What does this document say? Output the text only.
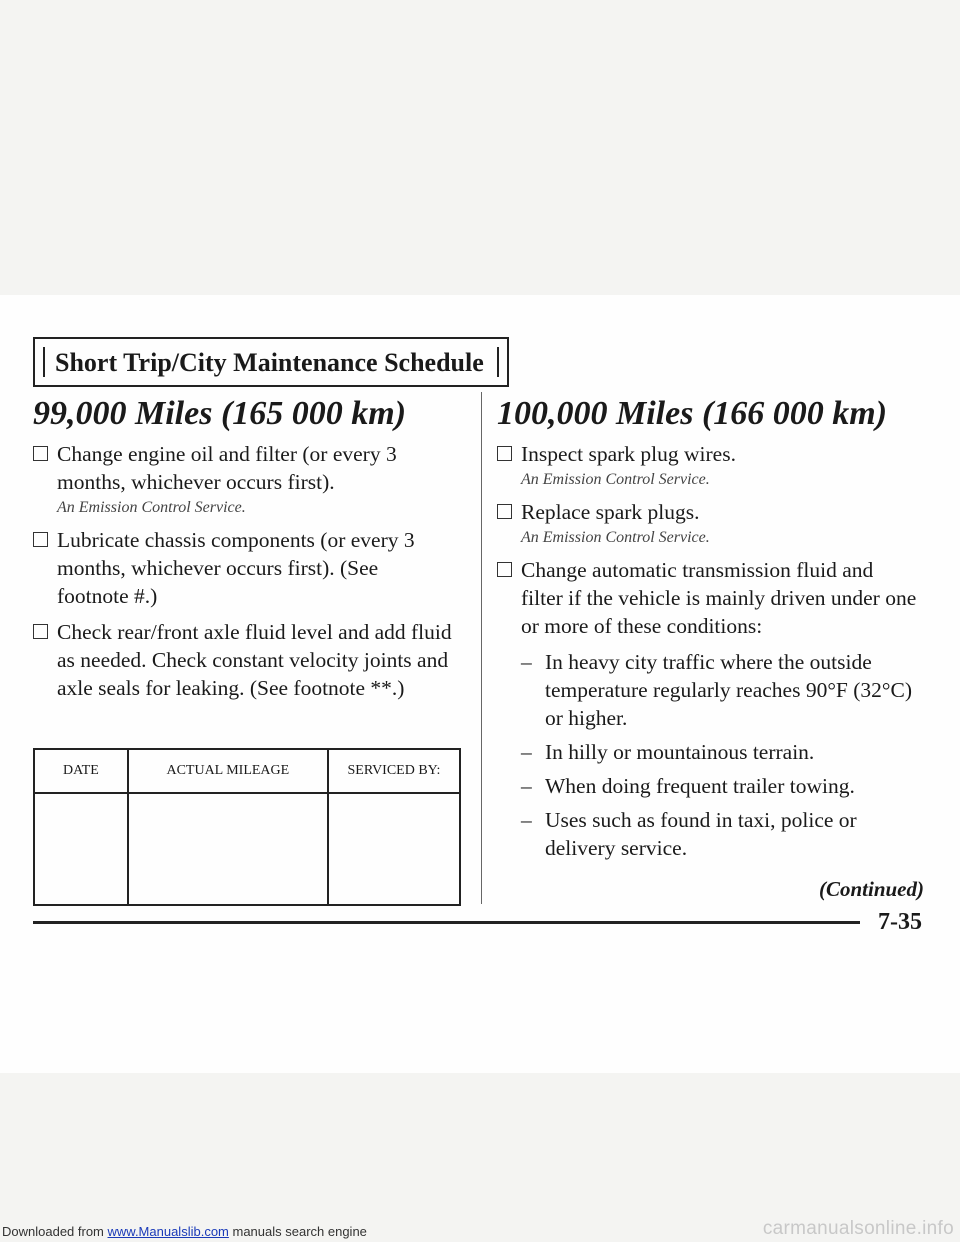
Short Trip/City Maintenance Schedule
99,000 Miles (165 000 km)	100,000 Miles (166 000 km)
Change engine oil and filter (or every 3 months, whichever occurs first).
An Emission Control Service.
Lubricate chassis components (or every 3 months, whichever occurs first). (See footnote #.)
Check rear/front axle fluid level and add fluid as needed. Check constant velocity joints and axle seals for leaking. (See footnote **.)
DATE	ACTUAL MILEAGE	SERVICED BY:

Inspect spark plug wires.
An Emission Control Service.
Replace spark plugs.
An Emission Control Service.
Change automatic transmission fluid and filter if the vehicle is mainly driven under one or more of these conditions:
– In heavy city traffic where the outside temperature regularly reaches 90°F (32°C) or higher.
– In hilly or mountainous terrain.
– When doing frequent trailer towing.
– Uses such as found in taxi, police or delivery service.
(Continued)
7-35
Downloaded from www.Manualslib.com manuals search engine	carmanualsonline.info
